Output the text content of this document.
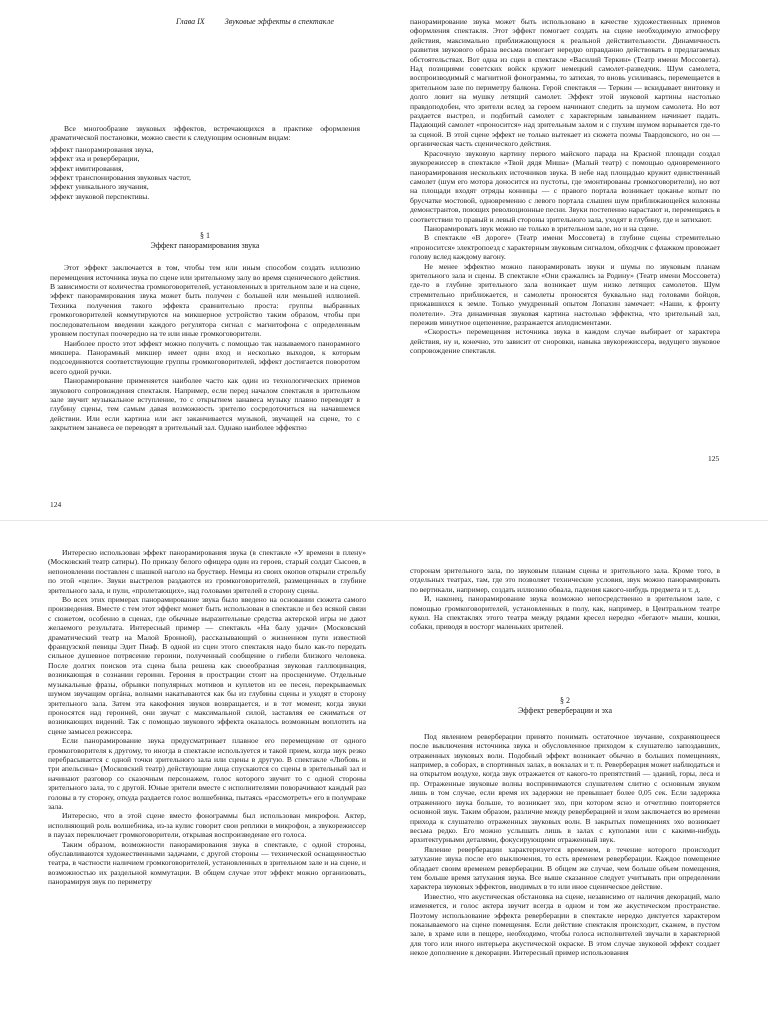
Глава IX	Звуковые эффекты в спектакле

Все многообразие звуковых эффектов, встречающихся в практике оформления драматической постановки, можно свести к следующим основным видам:

эффект панорамирования звука,
эффект эха и реверберации,
эффект имитирования,
эффект транспонирования звуковых частот,
эффект уникального звучания,
эффект звуковой перспективы.
§ 1
Эффект панорамирования звука

Этот эффект заключается в том, чтобы тем или иным способом создать иллюзию перемещения источника звука по сцене или зрительному залу во время сценического действия. В зависимости от количества громкоговорителей, установленных в зрительном зале и на сцене, эффект панорамирования звука может быть получен с большей или меньшей иллюзией. Техника получения такого эффекта сравнительно проста: группы выбранных громкоговорителей коммутируются на микшерное устройство таким образом, чтобы при последовательном введении каждого регулятора сигнал с магнитофона с определенным уровнем поступал поочередно на те или иные громкоговорители.

Наиболее просто этот эффект можно получить с помощью так называемого панорамного микшера. Панорамный микшер имеет один вход и несколько выходов, к которым подсоединяются соответствующие группы громкоговорителей, эффект достигается поворотом всего одной ручки.

Панорамирование применяется наиболее часто как один из технологических приемов звукового сопровождения спектакля. Например, если перед началом спектакля в зрительном зале звучит музыкальное вступление, то с открытием занавеса музыку плавно переводят в глубину сцены, тем самым давая возможность зрителю сосредоточиться на начавшемся действии. Или если картина или акт заканчивается музыкой, звучащей на сцене, то с закрытием занавеса ее переводят в зрительный зал. Однако наиболее эффектно

124

панорамирование звука может быть использовано в качестве художественных приемов оформления спектакля. Этот эффект помогает создать на сцене необходимую атмосферу действия, максимально приближающуюся к реальной действительности. Динамичность развития звукового образа весьма помогает нередко оправданно действовать в предлагаемых обстоятельствах. Вот одна из сцен в спектакле «Василий Теркин» (Театр имени Моссовета). Над позициями советских войск кружит немецкий самолет-разведчик. Шум самолета, воспроизводимый с магнитной фонограммы, то затихая, то вновь усиливаясь, перемещается в зрительном зале по периметру балкона. Герой спектакля — Теркин — вскидывает винтовку и долго ловит на мушку летящий самолет. Эффект этой звуковой картины настолько правдоподобен, что зрители вслед за героем начинают следить за шумом самолета. Но вот раздается выстрел, и подбитый самолет с характерным завыванием начинает падать. Падающий самолет «проносится» над зрительным залом и с глухим шумом взрывается где-то за сценой. В этой сцене эффект не только вытекает из сюжета поэмы Твардовского, но он — органическая часть сценического действия.

Красочную звуковую картину первого майского парада на Красной площади создал звукорежиссер в спектакле «Твой дядя Миша» (Малый театр) с помощью одновременного панорамирования нескольких источников звука. В небе над площадью кружит единственный самолет (шум его мотора доносится из пустоты, где эмонтированы громкоговорители), но вот на площади входят отряды конницы — с правого портала возникает цоканье копыт по брусчатке мостовой, одновременно с левого портала слышен шум приближающейся колонны демонстрантов, поющих революционные песни. Звуки постепенно нарастают и, перемещаясь в соответствии то правый и левый стороны зрительного зала, уходят в глубину, где и затихают.

Панорамировать звук можно не только в зрительном зале, но и на сцене.

В спектакле «В дороге» (Театр имени Моссовета) в глубине сцены стремительно «проносится» электропоезд с характерным звуковым сигналом, обходчик с флажком провожает голову вслед каждому вагону.

Не менее эффектно можно панорамировать звуки и шумы по звуковым планам зрительного зала и сцены. В спектакле «Они сражались за Родину» (Театр имени Моссовета) где-то в глубине зрительного зала возникает шум низко летящих самолетов. Шум стремительно приближается, и самолеты проносятся буквально над головами бойцов, прижавшихся к земле. Только умудренный опытом Лопахин замечает: «Наши, к фронту полетели». Эта динамичная звуковая картина настолько эффектна, что зрительный зал, пережив минутное оцепенение, разражается аплодисментами.

«Скорость» перемещения источника звука в каждом случае выбирает от характера действия, ну и, конечно, это зависит от сноровки, навыка звукорежиссера, ведущего звуковое сопровождение спектакля.

125

Интересно использован эффект панорамирования звука (в спектакле «У времени в плену» (Московский театр сатиры). По приказу белого офицера один из героев, старый солдат Сысоев, в непоновлении поставлен с шашкой наголо на бруствер. Немцы из своих окопов открыли стрельбу по этой «цели». Звуки выстрелов раздаются из громкоговорителей, размещенных в глубине зрительного зала, и пули, «пролетающих», над головами зрителей в сторону сцены.

Во всех этих примерах панорамирование звука было введено на основании сюжета самого произведения. Вместе с тем этот эффект может быть использован в спектакле и без всякой связи с сюжетом, особенно в сценах, где обычные выразительные средства актерской игры не дают желаемого результата. Интересный пример — спектакль «На балу удачи» (Московский драматический театр на Малой Бронной), рассказывающий о жизненном пути известной французской певицы Эдит Пиаф. В одной из сцен этого спектакля надо было как-то передать сильное душевное потрясение героини, полученный сообщение о гибели близкого человека. После долгих поисков эта сцена была решена как своеобразная звуковая галлюцинация, возникающая в сознании героини. Героиня в прострации стоит на просцениуме. Отдельные музыкальные фразы, обрывки популярных мотивов и куплетов из ее песен, перекрываемых шумом звучащим оргáна, волнами накатываются как бы из глубины сцены и уходят в сторону зрительного зала. Затем эта какофония звуков возвращается, и в тот момент, когда звуки проносятся над героиней, они звучат с максимальной силой, заставляя ее сжиматься от возникающих видений. Так с помощью звукового эффекта оказалось возможным воплотить на сцене замысел режиссера.

Если панорамирование звука предусматривает плавное его перемещение от одного громкоговорителя к другому, то иногда в спектакле используется и такой прием, когда звук резко перебрасывается с одной точки зрительного зала или сцены в другую. В спектакле «Любовь и три апельсина» (Московский театр) действующие лица спускаются со сцены в зрительный зал и начинают разговор со сказочным персонажем, голос которого звучит то с одной стороны зрительного зала, то с другой. Юные зрители вместе с исполнителями поворачивают каждый раз головы в ту сторону, откуда раздается голос волшебника, пытаясь «рассмотреть» его в полумраке зала.

Интересно, что в этой сцене вместо фонограммы был использован микрофон. Актер, исполняющий роль волшебника, из-за кулис говорит свои реплики в микрофон, а звукорежиссер в паузах переключает громкоговорители, открывая воспроизведение его голоса.

Таким образом, возможности панорамирования звука в спектакле, с одной стороны, обуславливаются художественными задачами, с другой стороны — технической оснащенностью театра, в частности наличием громкоговорителей, установленных в зрительном зале и на сцене, и возможностью их раздельной коммутации. В общем случае этот эффект можно организовать, панорамируя звук по периметру

сторонам зрительного зала, по звуковым планам сцены и зрительного зала. Кроме того, в отдельных театрах, там, где это позволяет технические условия, звук можно панорамировать по вертикали, например, создать иллюзию обвала, падения какого-нибудь предмета и т. д.

И, наконец, панорамирование звука возможно непосредственно в зрительном зале, с помощью громкоговорителей, установленных в полу, как, например, в Центральном театре кукол. На спектаклях этого театра между рядами кресел нередко «бегают» мыши, кошки, собаки, приводя в восторг маленьких зрителей.

§ 2
Эффект реверберации и эха

Под явлением реверберации принято понимать остаточное звучание, сохраняющееся после выключения источника звука и обусловленное приходом к слушателю запоздавших, отраженных звуковых волн. Подобный эффект возникает обычно в больших помещениях, например, в соборах, в спортивных залах, в вокзалах и т. п. Реверберация может наблюдаться и на открытом воздухе, когда звук отражается от какого-то препятствий — зданий, горы, леса и пр. Отраженные звуковые волны воспринимаются слушателем слитно с основным звуком лишь в том случае, если время их задержки не превышает более 0,05 сек. Если задержка отраженного звука больше, то возникает эхо, при котором ясно и отчетливо повторяется основной звук. Таким образом, различие между реверберацией и эхом заключается во времени прихода к слушателю отраженных звуковых волн. В закрытых помещениях эхо возникает весьма редко. Его можно услышать лишь в залах с куполами или с какими-нибудь архитектурными деталями, фокусирующими отраженный звук.

Явление реверберации характеризуется временем, в течение которого происходит затухание звука после его выключения, то есть временем реверберации. Каждое помещение обладает своим временем реверберации. В общем же случае, чем больше объем помещения, тем больше время затухания звука. Все выше сказанное следует учитывать при определении характера звуковых эффектов, вводимых в то или иное сценическое действие.

Известно, что акустическая обстановка на сцене, независимо от наличия декораций, мало изменяется, и голос актера звучит всегда в одном и том же акустическом пространстве. Поэтому использование эффекта реверберации в спектакле нередко диктуется характером показываемого на сцене помещения. Если действие спектакля происходит, скажем, в пустом зале, в храме или в пещере, необходимо, чтобы голоса исполнителей звучали в характерной для того или иного интерьера акустической окраске. В этом случае звуковой эффект создает некое дополнение к декорации. Интересный пример использования
